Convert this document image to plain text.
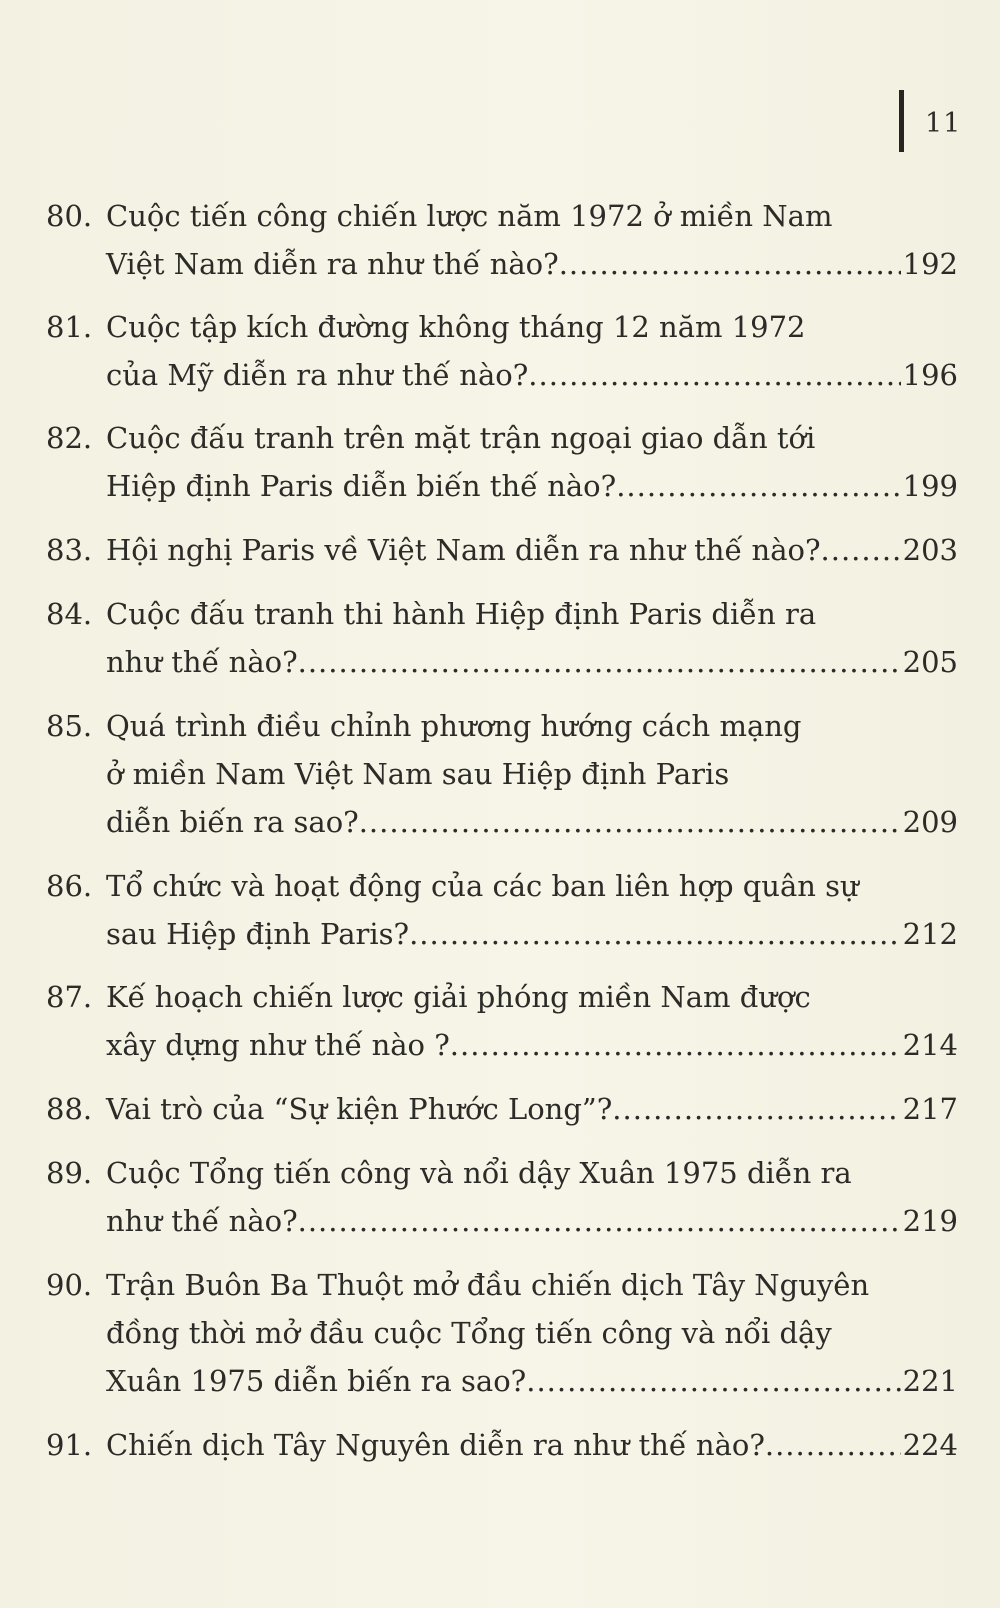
11
80. Cuộc tiến công chiến lược năm 1972 ở miền Nam
Việt Nam diễn ra như thế nào? .....	192
81. Cuộc tập kích đường không tháng 12 năm 1972
của Mỹ diễn ra như thế nào? .....	196
82. Cuộc đấu tranh trên mặt trận ngoại giao dẫn tới
Hiệp định Paris diễn biến thế nào? .....	199
83. Hội nghị Paris về Việt Nam diễn ra như thế nào? .....	203
84. Cuộc đấu tranh thi hành Hiệp định Paris diễn ra
như thế nào? .....	205
85. Quá trình điều chỉnh phương hướng cách mạng
ở miền Nam Việt Nam sau Hiệp định Paris
diễn biến ra sao? .....	209
86. Tổ chức và hoạt động của các ban liên hợp quân sự
sau Hiệp định Paris? .....	212
87. Kế hoạch chiến lược giải phóng miền Nam được
xây dựng như thế nào ? .....	214
88. Vai trò của “Sự kiện Phước Long”? .....	217
89. Cuộc Tổng tiến công và nổi dậy Xuân 1975 diễn ra
như thế nào? .....	219
90. Trận Buôn Ba Thuột mở đầu chiến dịch Tây Nguyên
đồng thời mở đầu cuộc Tổng tiến công và nổi dậy
Xuân 1975 diễn biến ra sao? .....	221
91. Chiến dịch Tây Nguyên diễn ra như thế nào? .....	224
